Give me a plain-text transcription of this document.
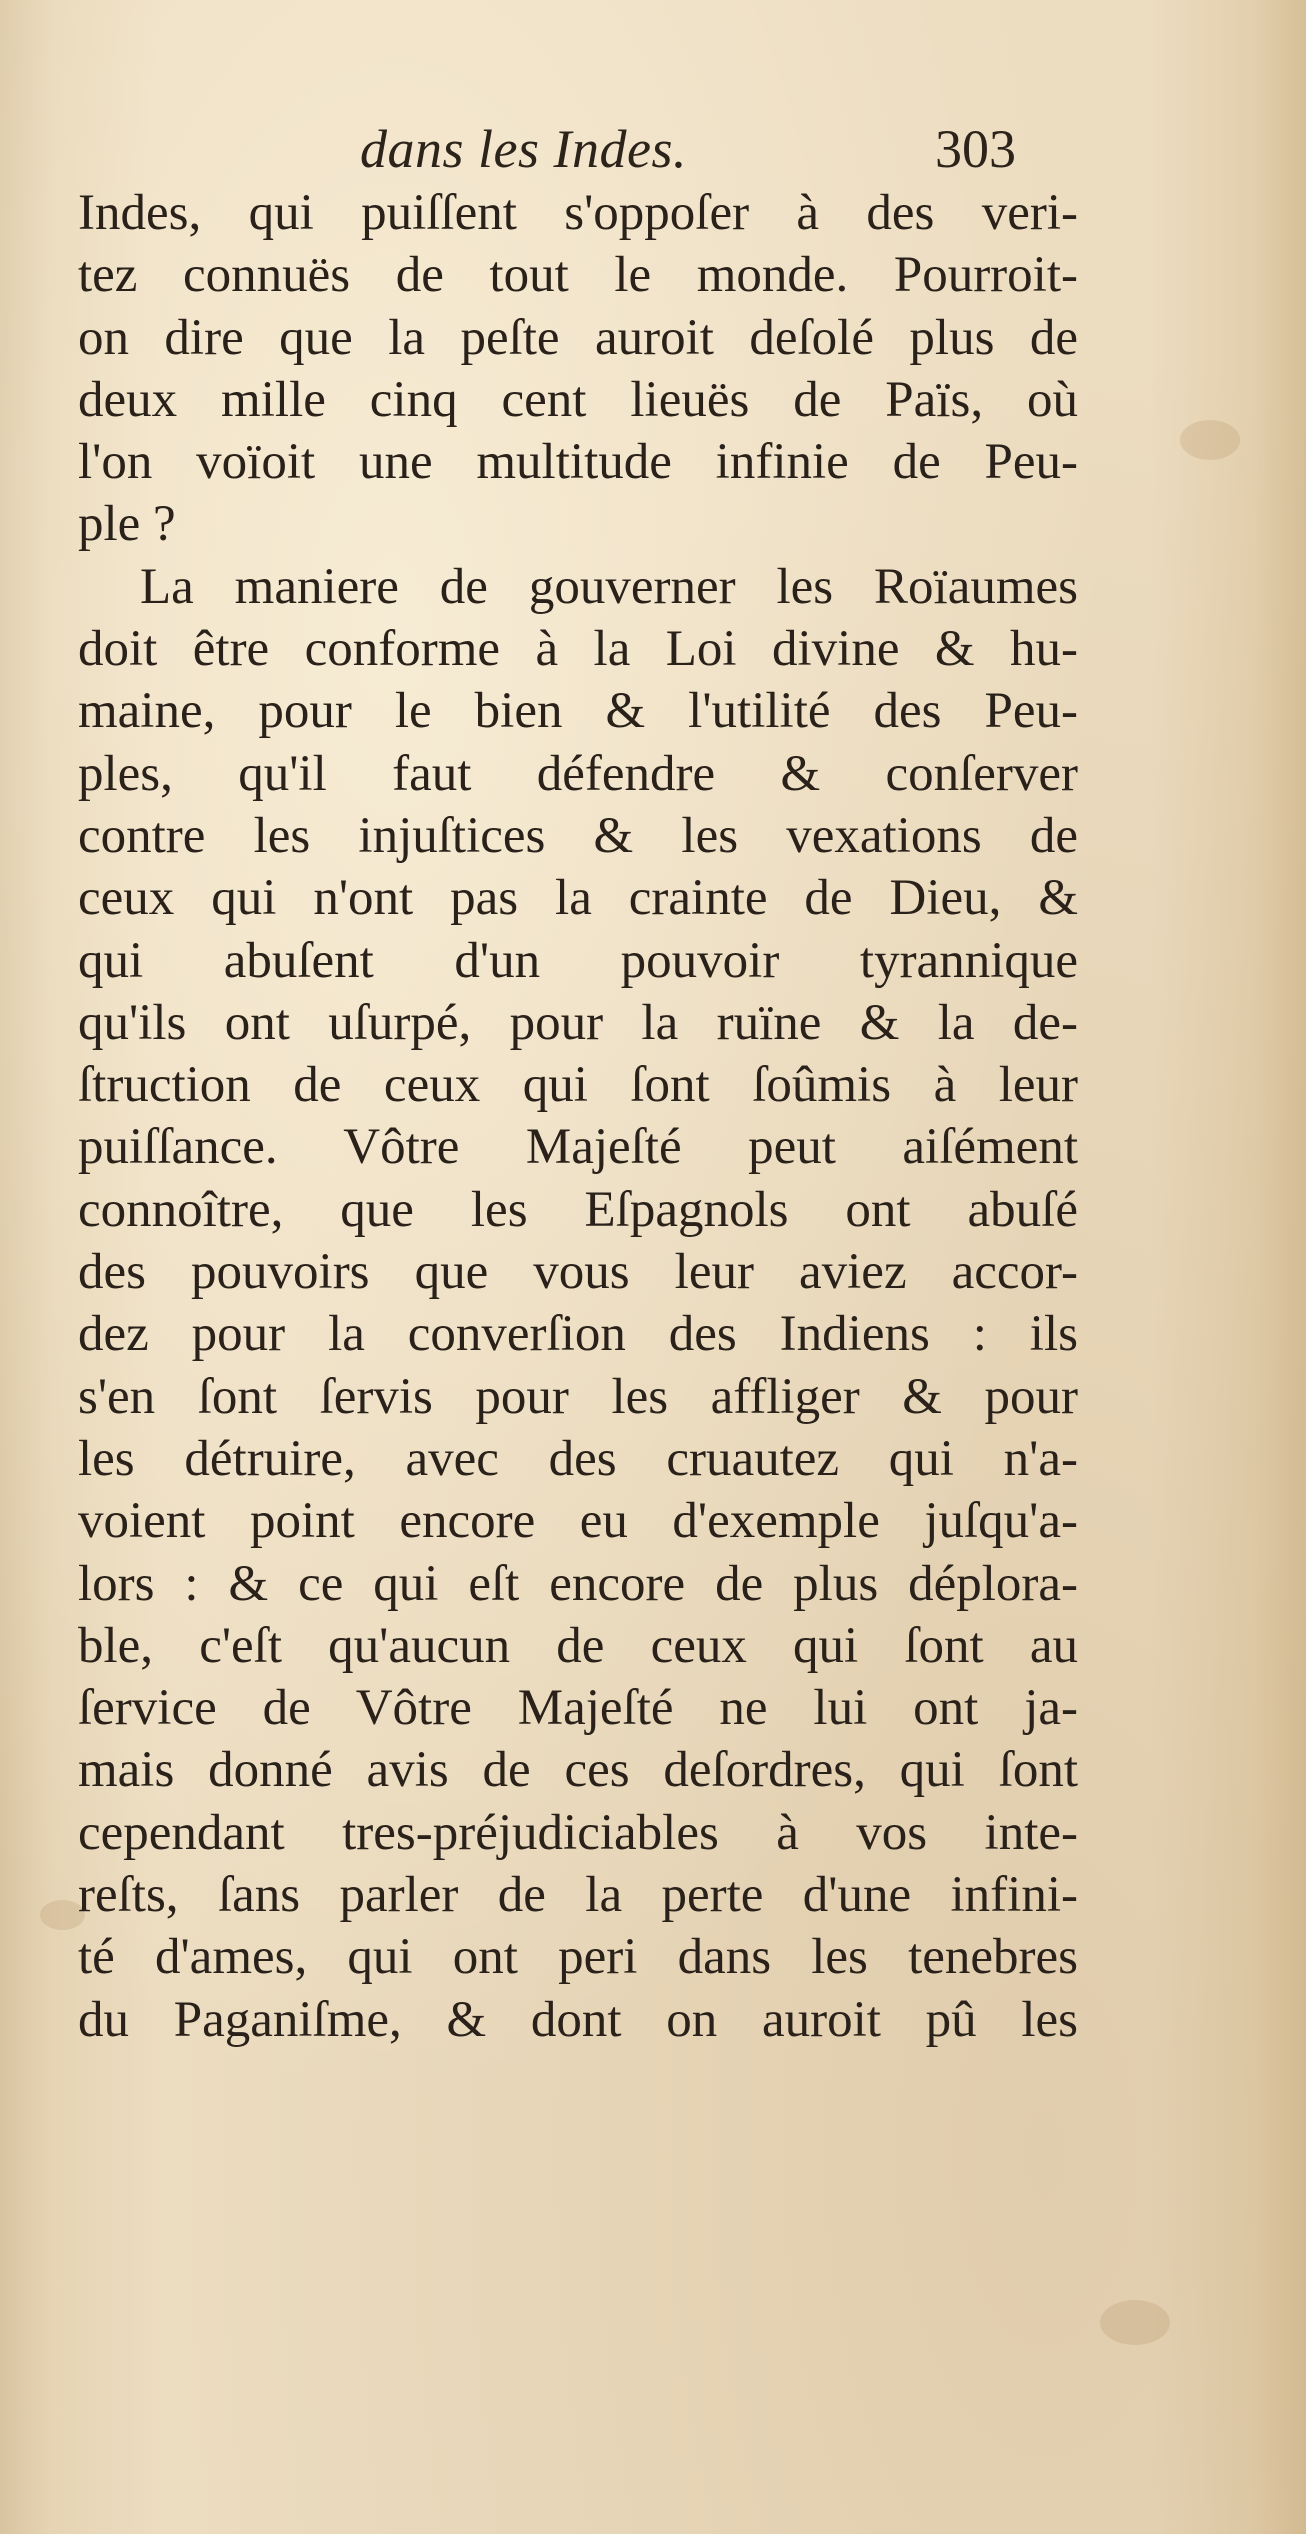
dans les Indes.	303
Indes, qui puiſſent s'oppoſer à des veri-
tez connuës de tout le monde. Pourroit-
on dire que la peſte auroit deſolé plus de
deux mille cinq cent lieuës de Païs, où
l'on voïoit une multitude infinie de Peu-
ple ?
La maniere de gouverner les Roïaumes
doit être conforme à la Loi divine & hu-
maine, pour le bien & l'utilité des Peu-
ples, qu'il faut défendre & conſerver
contre les injuſtices & les vexations de
ceux qui n'ont pas la crainte de Dieu, &
qui abuſent d'un pouvoir tyrannique
qu'ils ont uſurpé, pour la ruïne & la de-
ſtruction de ceux qui ſont ſoûmis à leur
puiſſance. Vôtre Majeſté peut aiſément
connoître, que les Eſpagnols ont abuſé
des pouvoirs que vous leur aviez accor-
dez pour la converſion des Indiens : ils
s'en ſont ſervis pour les affliger & pour
les détruire, avec des cruautez qui n'a-
voient point encore eu d'exemple juſqu'a-
lors : & ce qui eſt encore de plus déplora-
ble, c'eſt qu'aucun de ceux qui ſont au
ſervice de Vôtre Majeſté ne lui ont ja-
mais donné avis de ces deſordres, qui ſont
cependant tres-préjudiciables à vos inte-
reſts, ſans parler de la perte d'une infini-
té d'ames, qui ont peri dans les tenebres
du Paganiſme, & dont on auroit pû les
